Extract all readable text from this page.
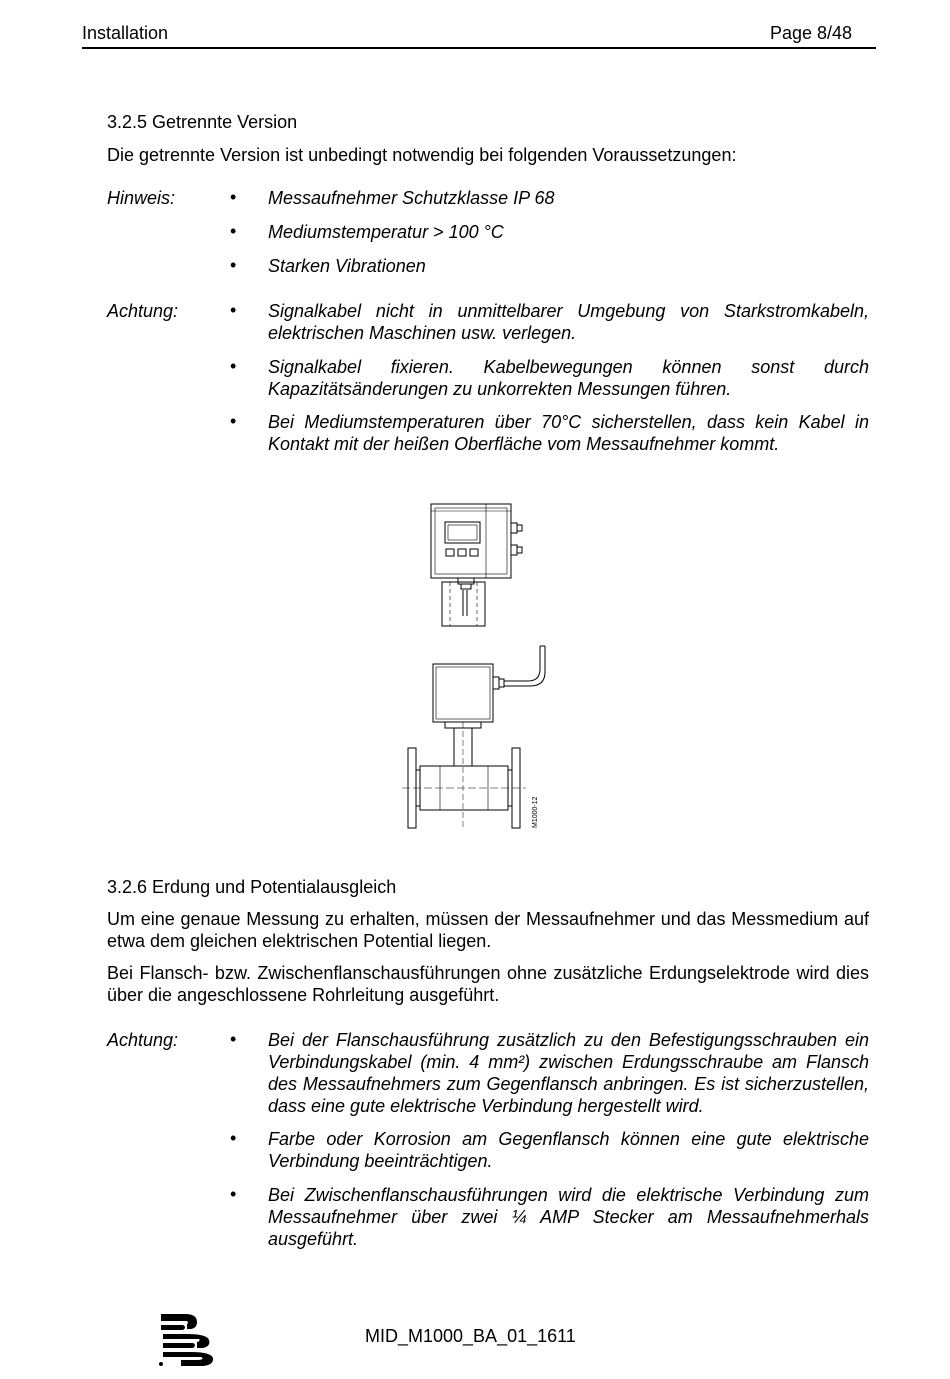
Installation	Page 8/48
3.2.5 Getrennte Version
Die getrennte Version ist unbedingt notwendig bei folgenden Voraussetzungen:
Hinweis:	• Messaufnehmer Schutzklasse IP 68
• Mediumstemperatur > 100 °C
• Starken Vibrationen
Achtung:	• Signalkabel nicht in unmittelbarer Umgebung von Starkstromkabeln, elektrischen Maschinen usw. verlegen.
• Signalkabel fixieren. Kabelbewegungen können sonst durch Kapazitätsänderungen zu unkorrekten Messungen führen.
• Bei Mediumstemperaturen über 70°C sicherstellen, dass kein Kabel in Kontakt mit der heißen Oberfläche vom Messaufnehmer kommt.
M1000-12
3.2.6 Erdung und Potentialausgleich
Um eine genaue Messung zu erhalten, müssen der Messaufnehmer und das Messmedium auf etwa dem gleichen elektrischen Potential liegen.
Bei Flansch- bzw. Zwischenflanschausführungen ohne zusätzliche Erdungselektrode wird dies über die angeschlossene Rohrleitung ausgeführt.
Achtung:	• Bei der Flanschausführung zusätzlich zu den Befestigungsschrauben ein Verbindungskabel (min. 4 mm²) zwischen Erdungsschraube am Flansch des Messaufnehmers zum Gegenflansch anbringen. Es ist sicherzustellen, dass eine gute elektrische Verbindung hergestellt wird.
• Farbe oder Korrosion am Gegenflansch können eine gute elektrische Verbindung beeinträchtigen.
• Bei Zwischenflanschausführungen wird die elektrische Verbindung zum Messaufnehmer über zwei ¼ AMP Stecker am Messaufnehmerhals ausgeführt.
MID_M1000_BA_01_1611
